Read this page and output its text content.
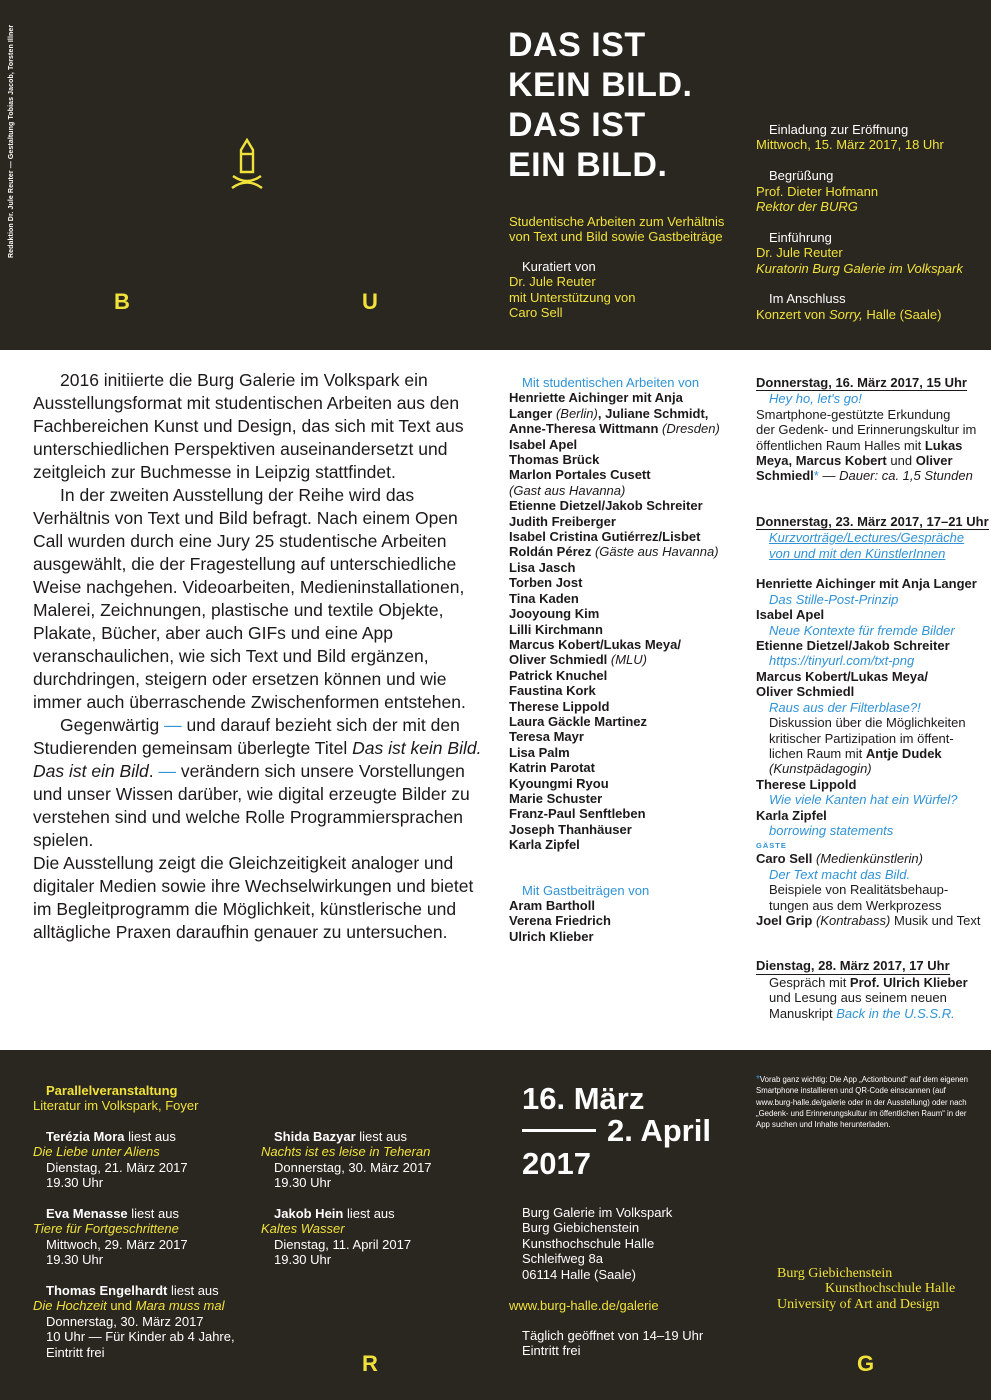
Redaktion Dr. Jule Reuter — Gestaltung Tobias Jacob, Torsten Illner
B	U
DAS IST
KEIN BILD.
DAS IST
EIN BILD.
Studentische Arbeiten zum Verhältnis
von Text und Bild sowie Gastbeiträge
Kuratiert von
Dr. Jule Reuter
mit Unterstützung von
Caro Sell
Einladung zur Eröffnung
Mittwoch, 15. März 2017, 18 Uhr
Begrüßung
Prof. Dieter Hofmann
Rektor der BURG
Einführung
Dr. Jule Reuter
Kuratorin Burg Galerie im Volkspark
Im Anschluss
Konzert von Sorry, Halle (Saale)

2016 initiierte die Burg Galerie im Volkspark ein Ausstellungsformat mit studentischen Arbeiten aus den Fachbereichen Kunst und Design, das sich mit Text aus unterschiedlichen Perspektiven auseinandersetzt und zeitgleich zur Buchmesse in Leipzig stattfindet.

In der zweiten Ausstellung der Reihe wird das Verhältnis von Text und Bild befragt. Nach einem Open Call wurden durch eine Jury 25 studentische Arbeiten ausgewählt, die der Fragestellung auf unterschiedliche Weise nachgehen. Videoarbeiten, Medieninstallationen, Malerei, Zeichnungen, plastische und textile Objekte, Plakate, Bücher, aber auch GIFs und eine App veranschaulichen, wie sich Text und Bild ergänzen, durchdringen, steigern oder ersetzen können und wie immer auch überraschende Zwischenformen entstehen.

Gegenwärtig — und darauf bezieht sich der mit den Studierenden gemeinsam überlegte Titel Das ist kein Bild. Das ist ein Bild. — verändern sich unsere Vorstellungen und unser Wissen darüber, wie digital erzeugte Bilder zu verstehen sind und welche Rolle Programmiersprachen spielen.

Die Ausstellung zeigt die Gleichzeitigkeit analoger und digitaler Medien sowie ihre Wechselwirkungen und bietet im Begleitprogramm die Möglichkeit, künstlerische und alltägliche Praxen daraufhin genauer zu untersuchen.

Mit studentischen Arbeiten von
Henriette Aichinger mit Anja
Langer (Berlin), Juliane Schmidt,
Anne-Theresa Wittmann (Dresden)
Isabel Apel
Thomas Brück
Marlon Portales Cusett
(Gast aus Havanna)
Etienne Dietzel/Jakob Schreiter
Judith Freiberger
Isabel Cristina Gutiérrez/Lisbet
Roldán Pérez (Gäste aus Havanna)
Lisa Jasch
Torben Jost
Tina Kaden
Jooyoung Kim
Lilli Kirchmann
Marcus Kobert/Lukas Meya/
Oliver Schmiedl (MLU)
Patrick Knuchel
Faustina Kork
Therese Lippold
Laura Gäckle Martinez
Teresa Mayr
Lisa Palm
Katrin Parotat
Kyoungmi Ryou
Marie Schuster
Franz-Paul Senftleben
Joseph Thanhäuser
Karla Zipfel
Mit Gastbeiträgen von
Aram Bartholl
Verena Friedrich
Ulrich Klieber
Donnerstag, 16. März 2017, 15 Uhr
Hey ho, let's go!
Smartphone-gestützte Erkundung
der Gedenk- und Erinnerungskultur im
öffentlichen Raum Halles mit Lukas
Meya, Marcus Kobert und Oliver
Schmiedl* — Dauer: ca. 1,5 Stunden
Donnerstag, 23. März 2017, 17–21 Uhr
Kurzvorträge/Lectures/Gespräche
von und mit den KünstlerInnen
Henriette Aichinger mit Anja Langer
Das Stille-Post-Prinzip
Isabel Apel
Neue Kontexte für fremde Bilder
Etienne Dietzel/Jakob Schreiter
https://tinyurl.com/txt-png
Marcus Kobert/Lukas Meya/
Oliver Schmiedl
Raus aus der Filterblase?!
Diskussion über die Möglichkeiten
kritischer Partizipation im öffent-
lichen Raum mit Antje Dudek
(Kunstpädagogin)
Therese Lippold
Wie viele Kanten hat ein Würfel?
Karla Zipfel
borrowing statements
GÄSTE
Caro Sell (Medienkünstlerin)
Der Text macht das Bild.
Beispiele von Realitätsbehaup-
tungen aus dem Werkprozess
Joel Grip (Kontrabass) Musik und Text
Dienstag, 28. März 2017, 17 Uhr
Gespräch mit Prof. Ulrich Klieber
und Lesung aus seinem neuen
Manuskript Back in the U.S.S.R.
Parallelveranstaltung
Literatur im Volkspark, Foyer
Terézia Mora liest aus
Die Liebe unter Aliens
Dienstag, 21. März 2017
19.30 Uhr
Eva Menasse liest aus
Tiere für Fortgeschrittene
Mittwoch, 29. März 2017
19.30 Uhr
Thomas Engelhardt liest aus
Die Hochzeit und Mara muss mal
Donnerstag, 30. März 2017
10 Uhr — Für Kinder ab 4 Jahre,
Eintritt frei
Shida Bazyar liest aus
Nachts ist es leise in Teheran
Donnerstag, 30. März 2017
19.30 Uhr
Jakob Hein liest aus
Kaltes Wasser
Dienstag, 11. April 2017
19.30 Uhr
R	G
16. März
2. April
2017
Burg Galerie im Volkspark
Burg Giebichenstein
Kunsthochschule Halle
Schleifweg 8a
06114 Halle (Saale)
www.burg-halle.de/galerie
Täglich geöffnet von 14–19 Uhr
Eintritt frei
*Vorab ganz wichtig: Die App „Actionbound“ auf dem eigenen Smartphone installieren und QR-Code einscannen (auf www.burg-halle.de/galerie oder in der Ausstellung) oder nach „Gedenk- und Erinnerungskultur im öffentlichen Raum“ in der App suchen und Inhalte herunterladen.
Burg Giebichenstein
Kunsthochschule Halle
University of Art and Design
